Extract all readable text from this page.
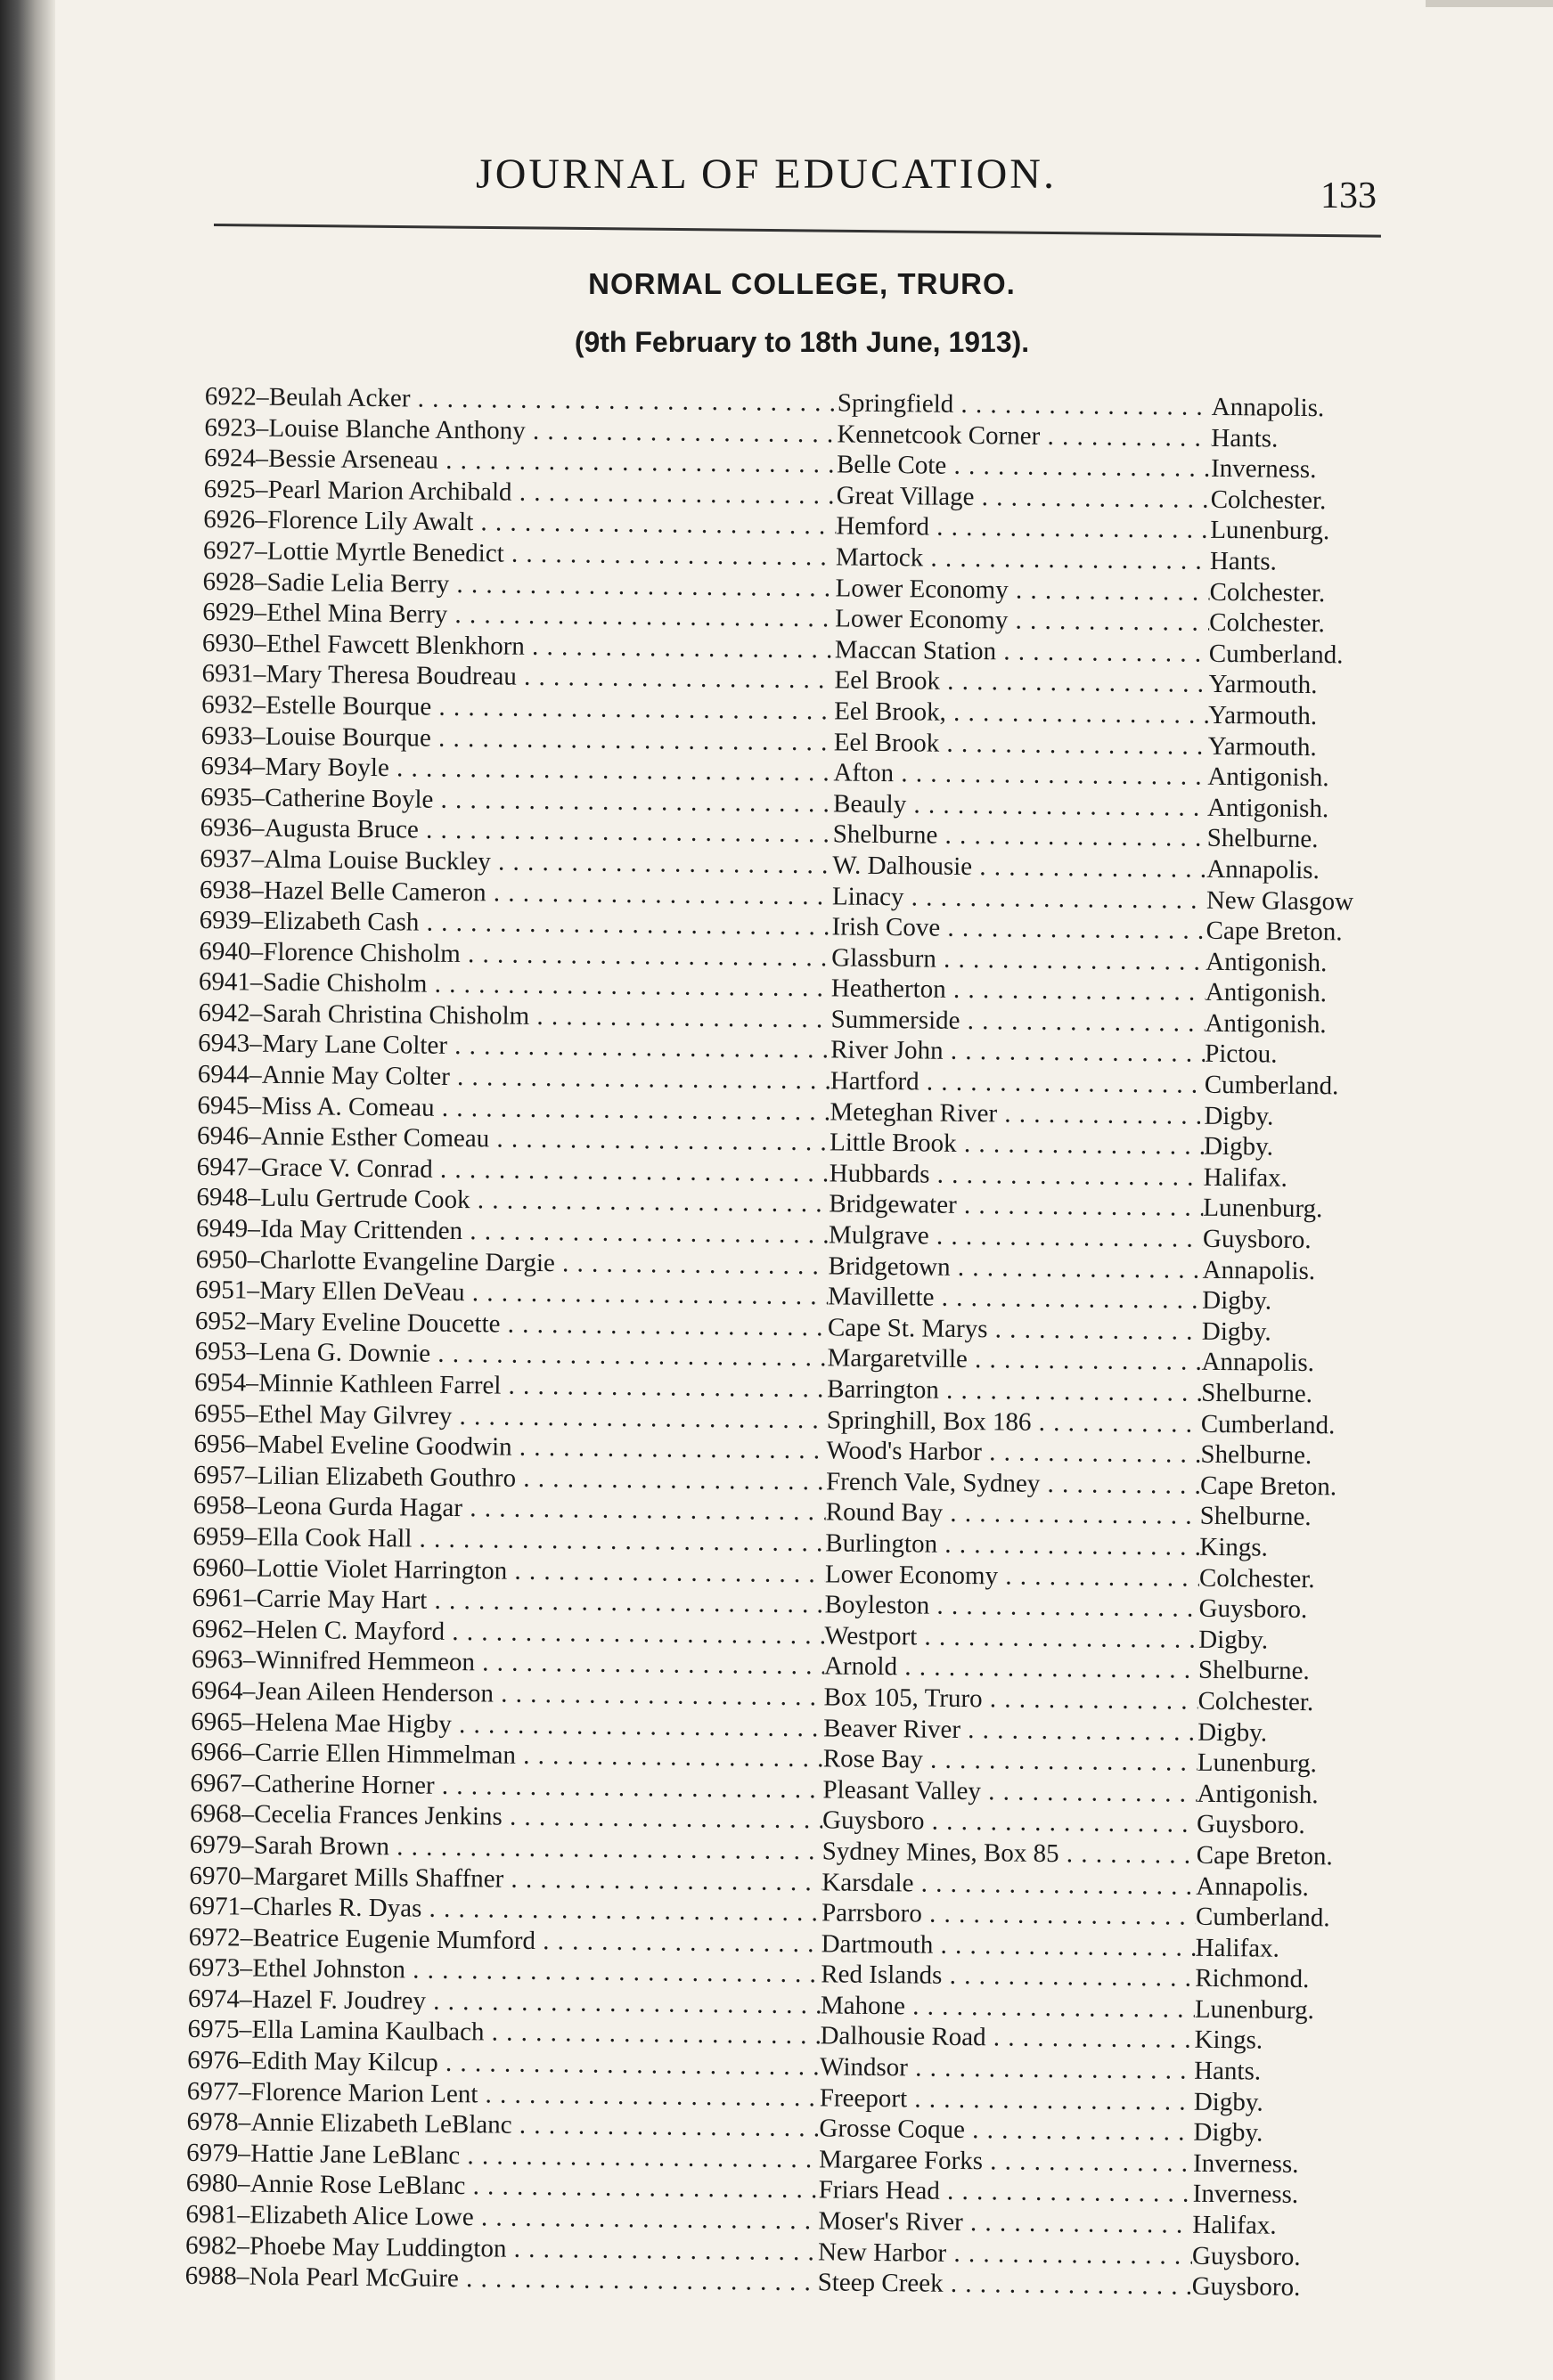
JOURNAL OF EDUCATION.	133
NORMAL COLLEGE, TRURO.
(9th February to 18th June, 1913).
6922 — Beulah Acker . . .	Springfield . . .	Annapolis.
6923 — Louise Blanche Anthony . . .	Kennetcook Corner . . .	Hants.
6924 — Bessie Arseneau . . .	Belle Cote . . .	Inverness.
6925 — Pearl Marion Archibald . . .	Great Village . . .	Colchester.
6926 — Florence Lily Awalt . . .	Hemford . . .	Lunenburg.
6927 — Lottie Myrtle Benedict . . .	Martock . . .	Hants.
6928 — Sadie Lelia Berry . . .	Lower Economy . . .	Colchester.
6929 — Ethel Mina Berry . . .	Lower Economy . . .	Colchester.
6930 — Ethel Fawcett Blenkhorn . . .	Maccan Station . . .	Cumberland.
6931 — Mary Theresa Boudreau . . .	Eel Brook . . .	Yarmouth.
6932 — Estelle Bourque . . .	Eel Brook, . . .	Yarmouth.
6933 — Louise Bourque . . .	Eel Brook . . .	Yarmouth.
6934 — Mary Boyle . . .	Afton . . .	Antigonish.
6935 — Catherine Boyle . . .	Beauly . . .	Antigonish.
6936 — Augusta Bruce . . .	Shelburne . . .	Shelburne.
6937 — Alma Louise Buckley . . .	W. Dalhousie . . .	Annapolis.
6938 — Hazel Belle Cameron . . .	Linacy . . .	New Glasgow
6939 — Elizabeth Cash . . .	Irish Cove . . .	Cape Breton.
6940 — Florence Chisholm . . .	Glassburn . . .	Antigonish.
6941 — Sadie Chisholm . . .	Heatherton . . .	Antigonish.
6942 — Sarah Christina Chisholm . . .	Summerside . . .	Antigonish.
6943 — Mary Lane Colter . . .	River John . . .	Pictou.
6944 — Annie May Colter . . .	Hartford . . .	Cumberland.
6945 — Miss A. Comeau . . .	Meteghan River . . .	Digby.
6946 — Annie Esther Comeau . . .	Little Brook . . .	Digby.
6947 — Grace V. Conrad . . .	Hubbards . . .	Halifax.
6948 — Lulu Gertrude Cook . . .	Bridgewater . . .	Lunenburg.
6949 — Ida May Crittenden . . .	Mulgrave . . .	Guysboro.
6950 — Charlotte Evangeline Dargie . . .	Bridgetown . . .	Annapolis.
6951 — Mary Ellen DeVeau . . .	Mavillette . . .	Digby.
6952 — Mary Eveline Doucette . . .	Cape St. Marys . . .	Digby.
6953 — Lena G. Downie . . .	Margaretville . . .	Annapolis.
6954 — Minnie Kathleen Farrel . . .	Barrington . . .	Shelburne.
6955 — Ethel May Gilvrey . . .	Springhill, Box 186 . . .	Cumberland.
6956 — Mabel Eveline Goodwin . . .	Wood's Harbor . . .	Shelburne.
6957 — Lilian Elizabeth Gouthro . . .	French Vale, Sydney . . .	Cape Breton.
6958 — Leona Gurda Hagar . . .	Round Bay . . .	Shelburne.
6959 — Ella Cook Hall . . .	Burlington . . .	Kings.
6960 — Lottie Violet Harrington . . .	Lower Economy . . .	Colchester.
6961 — Carrie May Hart . . .	Boyleston . . .	Guysboro.
6962 — Helen C. Mayford . . .	Westport . . .	Digby.
6963 — Winnifred Hemmeon . . .	Arnold . . .	Shelburne.
6964 — Jean Aileen Henderson . . .	Box 105, Truro . . .	Colchester.
6965 — Helena Mae Higby . . .	Beaver River . . .	Digby.
6966 — Carrie Ellen Himmelman . . .	Rose Bay . . .	Lunenburg.
6967 — Catherine Horner . . .	Pleasant Valley . . .	Antigonish.
6968 — Cecelia Frances Jenkins . . .	Guysboro . . .	Guysboro.
6979 — Sarah Brown . . .	Sydney Mines, Box 85 . . .	Cape Breton.
6970 — Margaret Mills Shaffner . . .	Karsdale . . .	Annapolis.
6971 — Charles R. Dyas . . .	Parrsboro . . .	Cumberland.
6972 — Beatrice Eugenie Mumford . . .	Dartmouth . . .	Halifax.
6973 — Ethel Johnston . . .	Red Islands . . .	Richmond.
6974 — Hazel F. Joudrey . . .	Mahone . . .	Lunenburg.
6975 — Ella Lamina Kaulbach . . .	Dalhousie Road . . .	Kings.
6976 — Edith May Kilcup . . .	Windsor . . .	Hants.
6977 — Florence Marion Lent . . .	Freeport . . .	Digby.
6978 — Annie Elizabeth LeBlanc . . .	Grosse Coque . . .	Digby.
6979 — Hattie Jane LeBlanc . . .	Margaree Forks . . .	Inverness.
6980 — Annie Rose LeBlanc . . .	Friars Head . . .	Inverness.
6981 — Elizabeth Alice Lowe . . .	Moser's River . . .	Halifax.
6982 — Phoebe May Luddington . . .	New Harbor . . .	Guysboro.
6988 — Nola Pearl McGuire . . .	Steep Creek . . .	Guysboro.
